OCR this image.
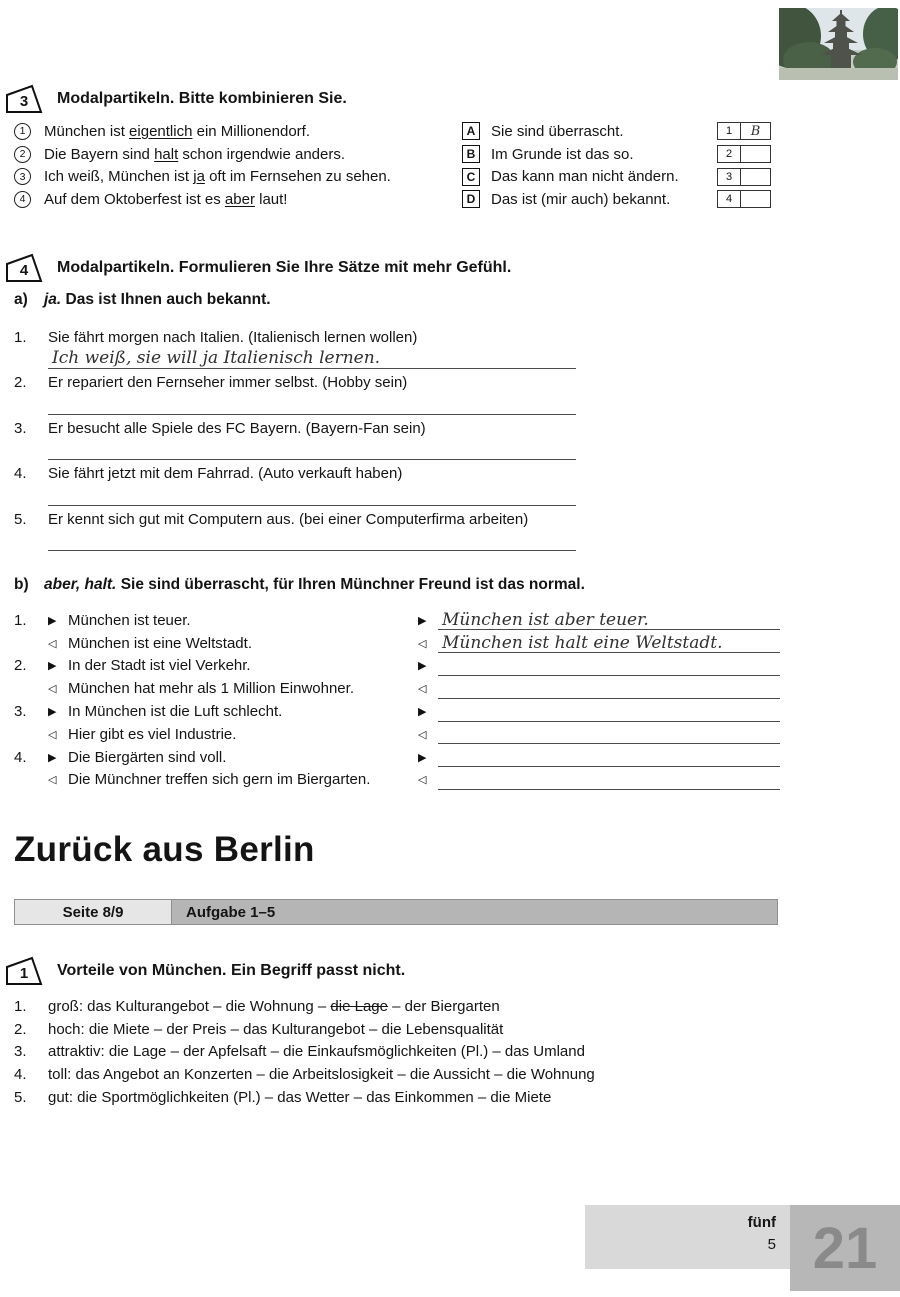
3	Modalpartikeln. Bitte kombinieren Sie.
1	München ist eigentlich ein Millionendorf.	A	Sie sind überrascht.	1	B
2	Die Bayern sind halt schon irgendwie anders.	B	Im Grunde ist das so.	2
3	Ich weiß, München ist ja oft im Fernsehen zu sehen.	C	Das kann man nicht ändern.	3
4	Auf dem Oktoberfest ist es aber laut!	D	Das ist (mir auch) bekannt.	4
4	Modalpartikeln. Formulieren Sie Ihre Sätze mit mehr Gefühl.
a) ja. Das ist Ihnen auch bekannt.
1.	Sie fährt morgen nach Italien. (Italienisch lernen wollen)
Ich weiß, sie will ja Italienisch lernen.
2.	Er repariert den Fernseher immer selbst. (Hobby sein)
3.	Er besucht alle Spiele des FC Bayern. (Bayern-Fan sein)
4.	Sie fährt jetzt mit dem Fahrrad. (Auto verkauft haben)
5.	Er kennt sich gut mit Computern aus. (bei einer Computerfirma arbeiten)
b) aber, halt. Sie sind überrascht, für Ihren Münchner Freund ist das normal.
1.	▶ München ist teuer.	▶ München ist aber teuer.
◁ München ist eine Weltstadt.	◁ München ist halt eine Weltstadt.
2.	▶ In der Stadt ist viel Verkehr.	▶
◁ München hat mehr als 1 Million Einwohner.	◁
3.	▶ In München ist die Luft schlecht.	▶
◁ Hier gibt es viel Industrie.	◁
4.	▶ Die Biergärten sind voll.	▶
◁ Die Münchner treffen sich gern im Biergarten.	◁
Zurück aus Berlin
Seite 8/9	Aufgabe 1–5
1	Vorteile von München. Ein Begriff passt nicht.
1.	groß: das Kulturangebot – die Wohnung – die Lage – der Biergarten
2.	hoch: die Miete – der Preis – das Kulturangebot – die Lebensqualität
3.	attraktiv: die Lage – der Apfelsaft – die Einkaufsmöglichkeiten (Pl.) – das Umland
4.	toll: das Angebot an Konzerten – die Arbeitslosigkeit – die Aussicht – die Wohnung
5.	gut: die Sportmöglichkeiten (Pl.) – das Wetter – das Einkommen – die Miete
fünf
5 21
